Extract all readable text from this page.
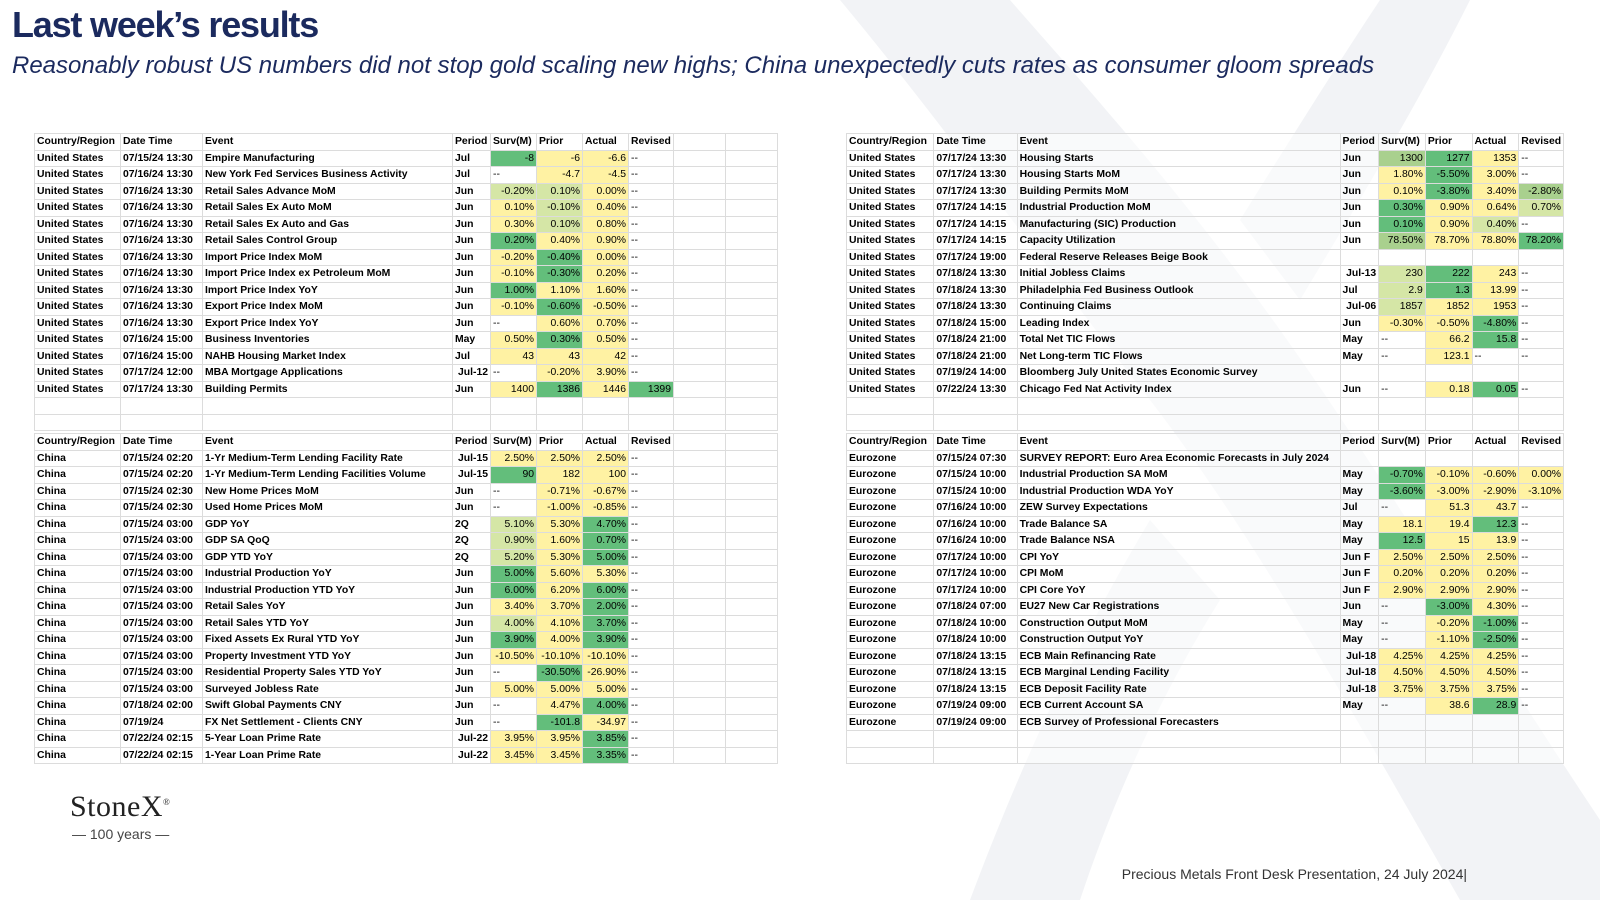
Last week’s results

Reasonably robust US numbers did not stop gold scaling new highs; China unexpectedly cuts rates as consumer gloom spreads

Country/Region	Date Time	Event	Period	Surv(M)	Prior	Actual	Revised		
United States	07/15/24 13:30	Empire Manufacturing	Jul	-8	-6	-6.6	--		
United States	07/16/24 13:30	New York Fed Services Business Activity	Jul	--	-4.7	-4.5	--		
United States	07/16/24 13:30	Retail Sales Advance MoM	Jun	-0.20%	0.10%	0.00%	--		
United States	07/16/24 13:30	Retail Sales Ex Auto MoM	Jun	0.10%	-0.10%	0.40%	--		
United States	07/16/24 13:30	Retail Sales Ex Auto and Gas	Jun	0.30%	0.10%	0.80%	--		
United States	07/16/24 13:30	Retail Sales Control Group	Jun	0.20%	0.40%	0.90%	--		
United States	07/16/24 13:30	Import Price Index MoM	Jun	-0.20%	-0.40%	0.00%	--		
United States	07/16/24 13:30	Import Price Index ex Petroleum MoM	Jun	-0.10%	-0.30%	0.20%	--		
United States	07/16/24 13:30	Import Price Index YoY	Jun	1.00%	1.10%	1.60%	--		
United States	07/16/24 13:30	Export Price Index MoM	Jun	-0.10%	-0.60%	-0.50%	--		
United States	07/16/24 13:30	Export Price Index YoY	Jun	--	0.60%	0.70%	--		
United States	07/16/24 15:00	Business Inventories	May	0.50%	0.30%	0.50%	--		
United States	07/16/24 15:00	NAHB Housing Market Index	Jul	43	43	42	--		
United States	07/17/24 12:00	MBA Mortgage Applications	Jul-12	--	-0.20%	3.90%	--		
United States	07/17/24 13:30	Building Permits	Jun	1400	1386	1446	1399		

Country/Region	Date Time	Event	Period	Surv(M)	Prior	Actual	Revised
United States	07/17/24 13:30	Housing Starts	Jun	1300	1277	1353	--
United States	07/17/24 13:30	Housing Starts MoM	Jun	1.80%	-5.50%	3.00%	--
United States	07/17/24 13:30	Building Permits MoM	Jun	0.10%	-3.80%	3.40%	-2.80%
United States	07/17/24 14:15	Industrial Production MoM	Jun	0.30%	0.90%	0.64%	0.70%
United States	07/17/24 14:15	Manufacturing (SIC) Production	Jun	0.10%	0.90%	0.40%	--
United States	07/17/24 14:15	Capacity Utilization	Jun	78.50%	78.70%	78.80%	78.20%
United States	07/17/24 19:00	Federal Reserve Releases Beige Book					
United States	07/18/24 13:30	Initial Jobless Claims	Jul-13	230	222	243	--
United States	07/18/24 13:30	Philadelphia Fed Business Outlook	Jul	2.9	1.3	13.99	--
United States	07/18/24 13:30	Continuing Claims	Jul-06	1857	1852	1953	--
United States	07/18/24 15:00	Leading Index	Jun	-0.30%	-0.50%	-4.80%	--
United States	07/18/24 21:00	Total Net TIC Flows	May	--	66.2	15.8	--
United States	07/18/24 21:00	Net Long-term TIC Flows	May	--	123.1	--	--
United States	07/19/24 14:00	Bloomberg July United States Economic Survey					
United States	07/22/24 13:30	Chicago Fed Nat Activity Index	Jun	--	0.18	0.05	--

Country/Region	Date Time	Event	Period	Surv(M)	Prior	Actual	Revised		
China	07/15/24 02:20	1-Yr Medium-Term Lending Facility Rate	Jul-15	2.50%	2.50%	2.50%	--		
China	07/15/24 02:20	1-Yr Medium-Term Lending Facilities Volume	Jul-15	90	182	100	--		
China	07/15/24 02:30	New Home Prices MoM	Jun	--	-0.71%	-0.67%	--		
China	07/15/24 02:30	Used Home Prices MoM	Jun	--	-1.00%	-0.85%	--		
China	07/15/24 03:00	GDP YoY	2Q	5.10%	5.30%	4.70%	--		
China	07/15/24 03:00	GDP SA QoQ	2Q	0.90%	1.60%	0.70%	--		
China	07/15/24 03:00	GDP YTD YoY	2Q	5.20%	5.30%	5.00%	--		
China	07/15/24 03:00	Industrial Production YoY	Jun	5.00%	5.60%	5.30%	--		
China	07/15/24 03:00	Industrial Production YTD YoY	Jun	6.00%	6.20%	6.00%	--		
China	07/15/24 03:00	Retail Sales YoY	Jun	3.40%	3.70%	2.00%	--		
China	07/15/24 03:00	Retail Sales YTD YoY	Jun	4.00%	4.10%	3.70%	--		
China	07/15/24 03:00	Fixed Assets Ex Rural YTD YoY	Jun	3.90%	4.00%	3.90%	--		
China	07/15/24 03:00	Property Investment YTD YoY	Jun	-10.50%	-10.10%	-10.10%	--		
China	07/15/24 03:00	Residential Property Sales YTD YoY	Jun	--	-30.50%	-26.90%	--		
China	07/15/24 03:00	Surveyed Jobless Rate	Jun	5.00%	5.00%	5.00%	--		
China	07/18/24 02:00	Swift Global Payments CNY	Jun	--	4.47%	4.00%	--		
China	07/19/24	FX Net Settlement - Clients CNY	Jun	--	-101.8	-34.97	--		
China	07/22/24 02:15	5-Year Loan Prime Rate	Jul-22	3.95%	3.95%	3.85%	--		
China	07/22/24 02:15	1-Year Loan Prime Rate	Jul-22	3.45%	3.45%	3.35%	--		
Country/Region	Date Time	Event	Period	Surv(M)	Prior	Actual	Revised
Eurozone	07/15/24 07:30	SURVEY REPORT: Euro Area Economic Forecasts in July 2024					
Eurozone	07/15/24 10:00	Industrial Production SA MoM	May	-0.70%	-0.10%	-0.60%	0.00%
Eurozone	07/15/24 10:00	Industrial Production WDA YoY	May	-3.60%	-3.00%	-2.90%	-3.10%
Eurozone	07/16/24 10:00	ZEW Survey Expectations	Jul	--	51.3	43.7	--
Eurozone	07/16/24 10:00	Trade Balance SA	May	18.1	19.4	12.3	--
Eurozone	07/16/24 10:00	Trade Balance NSA	May	12.5	15	13.9	--
Eurozone	07/17/24 10:00	CPI YoY	Jun F	2.50%	2.50%	2.50%	--
Eurozone	07/17/24 10:00	CPI MoM	Jun F	0.20%	0.20%	0.20%	--
Eurozone	07/17/24 10:00	CPI Core YoY	Jun F	2.90%	2.90%	2.90%	--
Eurozone	07/18/24 07:00	EU27 New Car Registrations	Jun	--	-3.00%	4.30%	--
Eurozone	07/18/24 10:00	Construction Output MoM	May	--	-0.20%	-1.00%	--
Eurozone	07/18/24 10:00	Construction Output YoY	May	--	-1.10%	-2.50%	--
Eurozone	07/18/24 13:15	ECB Main Refinancing Rate	Jul-18	4.25%	4.25%	4.25%	--
Eurozone	07/18/24 13:15	ECB Marginal Lending Facility	Jul-18	4.50%	4.50%	4.50%	--
Eurozone	07/18/24 13:15	ECB Deposit Facility Rate	Jul-18	3.75%	3.75%	3.75%	--
Eurozone	07/19/24 09:00	ECB Current Account SA	May	--	38.6	28.9	--
Eurozone	07/19/24 09:00	ECB Survey of Professional Forecasters					

StoneX®
— 100 years —
Precious Metals Front Desk Presentation, 24 July 2024|
